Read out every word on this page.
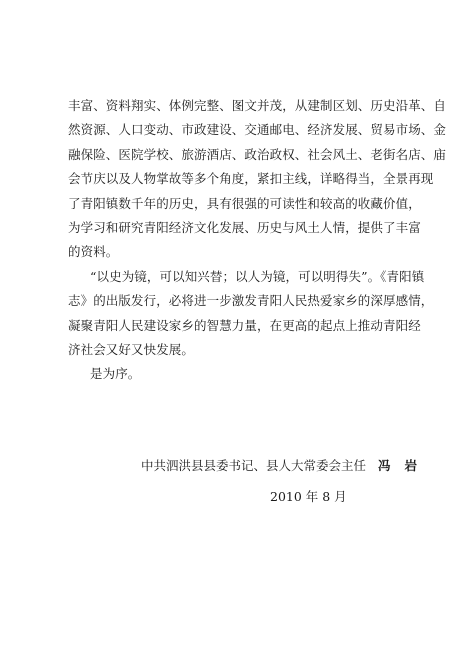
丰富、资料翔实、体例完整、图文并茂，从建制区划、历史沿革、自
然资源、人口变动、市政建设、交通邮电、经济发展、贸易市场、金
融保险、医院学校、旅游酒店、政治政权、社会风土、老街名店、庙
会节庆以及人物掌故等多个角度，紧扣主线，详略得当，全景再现
了青阳镇数千年的历史，具有很强的可读性和较高的收藏价值，
为学习和研究青阳经济文化发展、历史与风土人情，提供了丰富
的资料。

“以史为镜，可以知兴替；以人为镜，可以明得失”。《青阳镇
志》的出版发行，必将进一步激发青阳人民热爱家乡的深厚感情，
凝聚青阳人民建设家乡的智慧力量，在更高的起点上推动青阳经
济社会又好又快发展。

是为序。

中共泗洪县县委书记、县人大常委会主任 冯岩
2010 年 8 月
